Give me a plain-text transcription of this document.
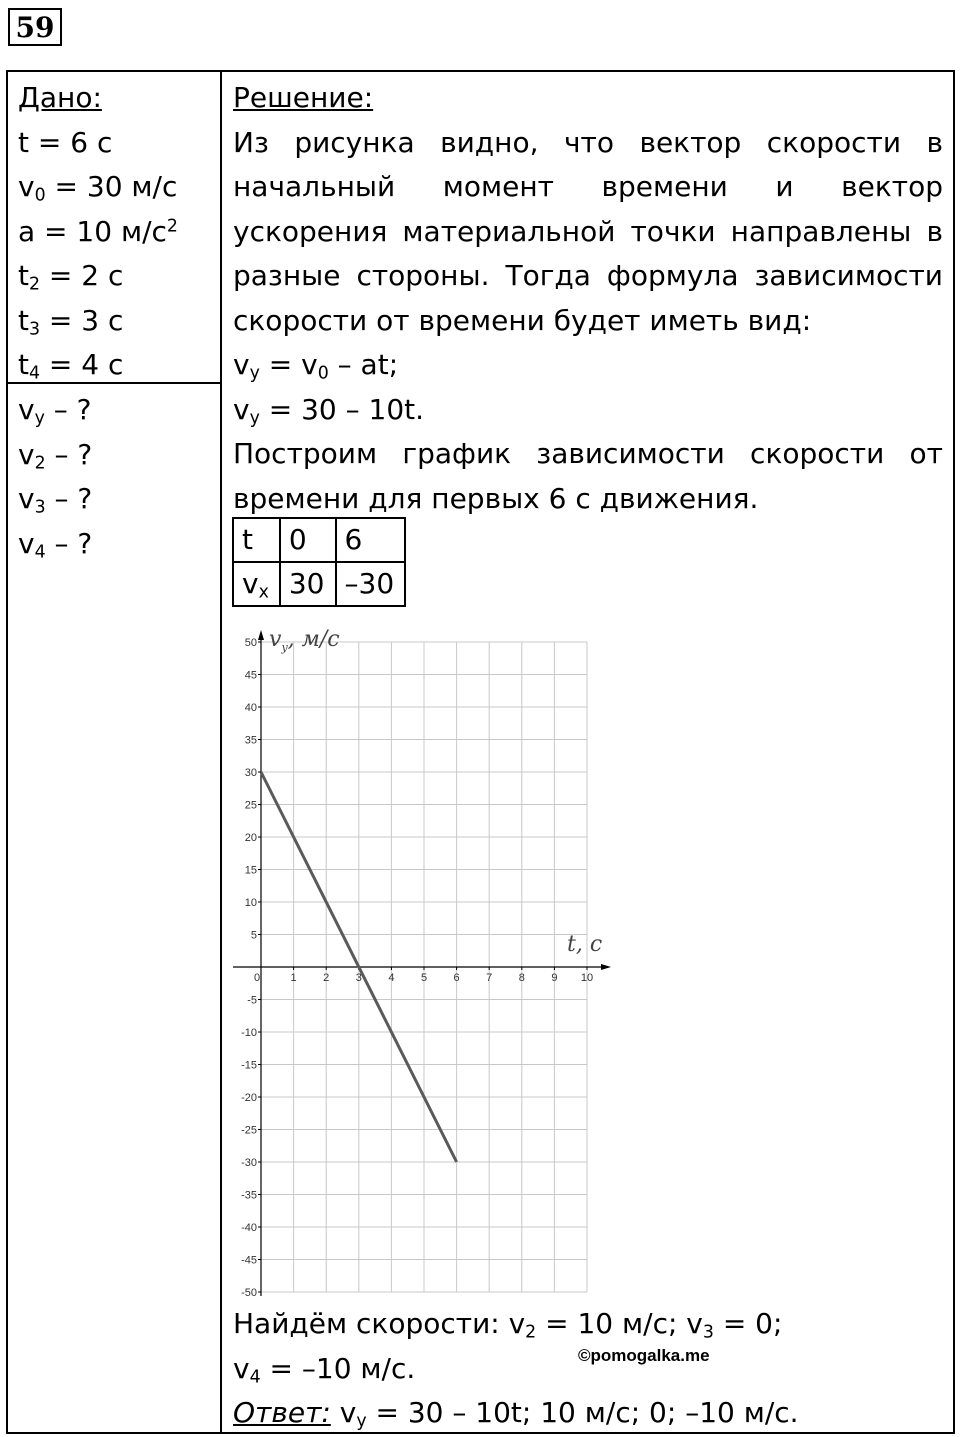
59
Дано:
t = 6 с
$v_0 = 30$ м/с
a = 10 $м/с^2$
$t_2 = 2$ с
$t_3 = 3$ с
$t_4 = 4$ с
$v_y$ – ?
$v_2$ – ?
$v_3$ – ?
$v_4$ – ?
Решение:
Из рисунка видно, что вектор скорости в
начальный момент времени и вектор
ускорения материальной точки направлены в
разные стороны. Тогда формула зависимости
скорости от времени будет иметь вид:
$v_y = v_0$ – at;
$v_y = 30 - 10t$.
Построим график зависимости скорости от
времени для первых 6 с движения.
t	0	6
$v_x$	30	–30
50
45
40
35
30
25
20
15
10
5
-5
-10
-15
-20
-25
-30
-35
-40
-45
-50
0	1 2 3 4 5 6 7 8 9 10
$v_y$, м/с
t, с
Найдём скорости: $v_2 = 10$ м/с; $v_3 = 0$;
$v_4 = -10$ м/с.
Ответ: $v_y = 30 - 10t$; 10 м/с; 0; –10 м/с.
©pomogalka.me
